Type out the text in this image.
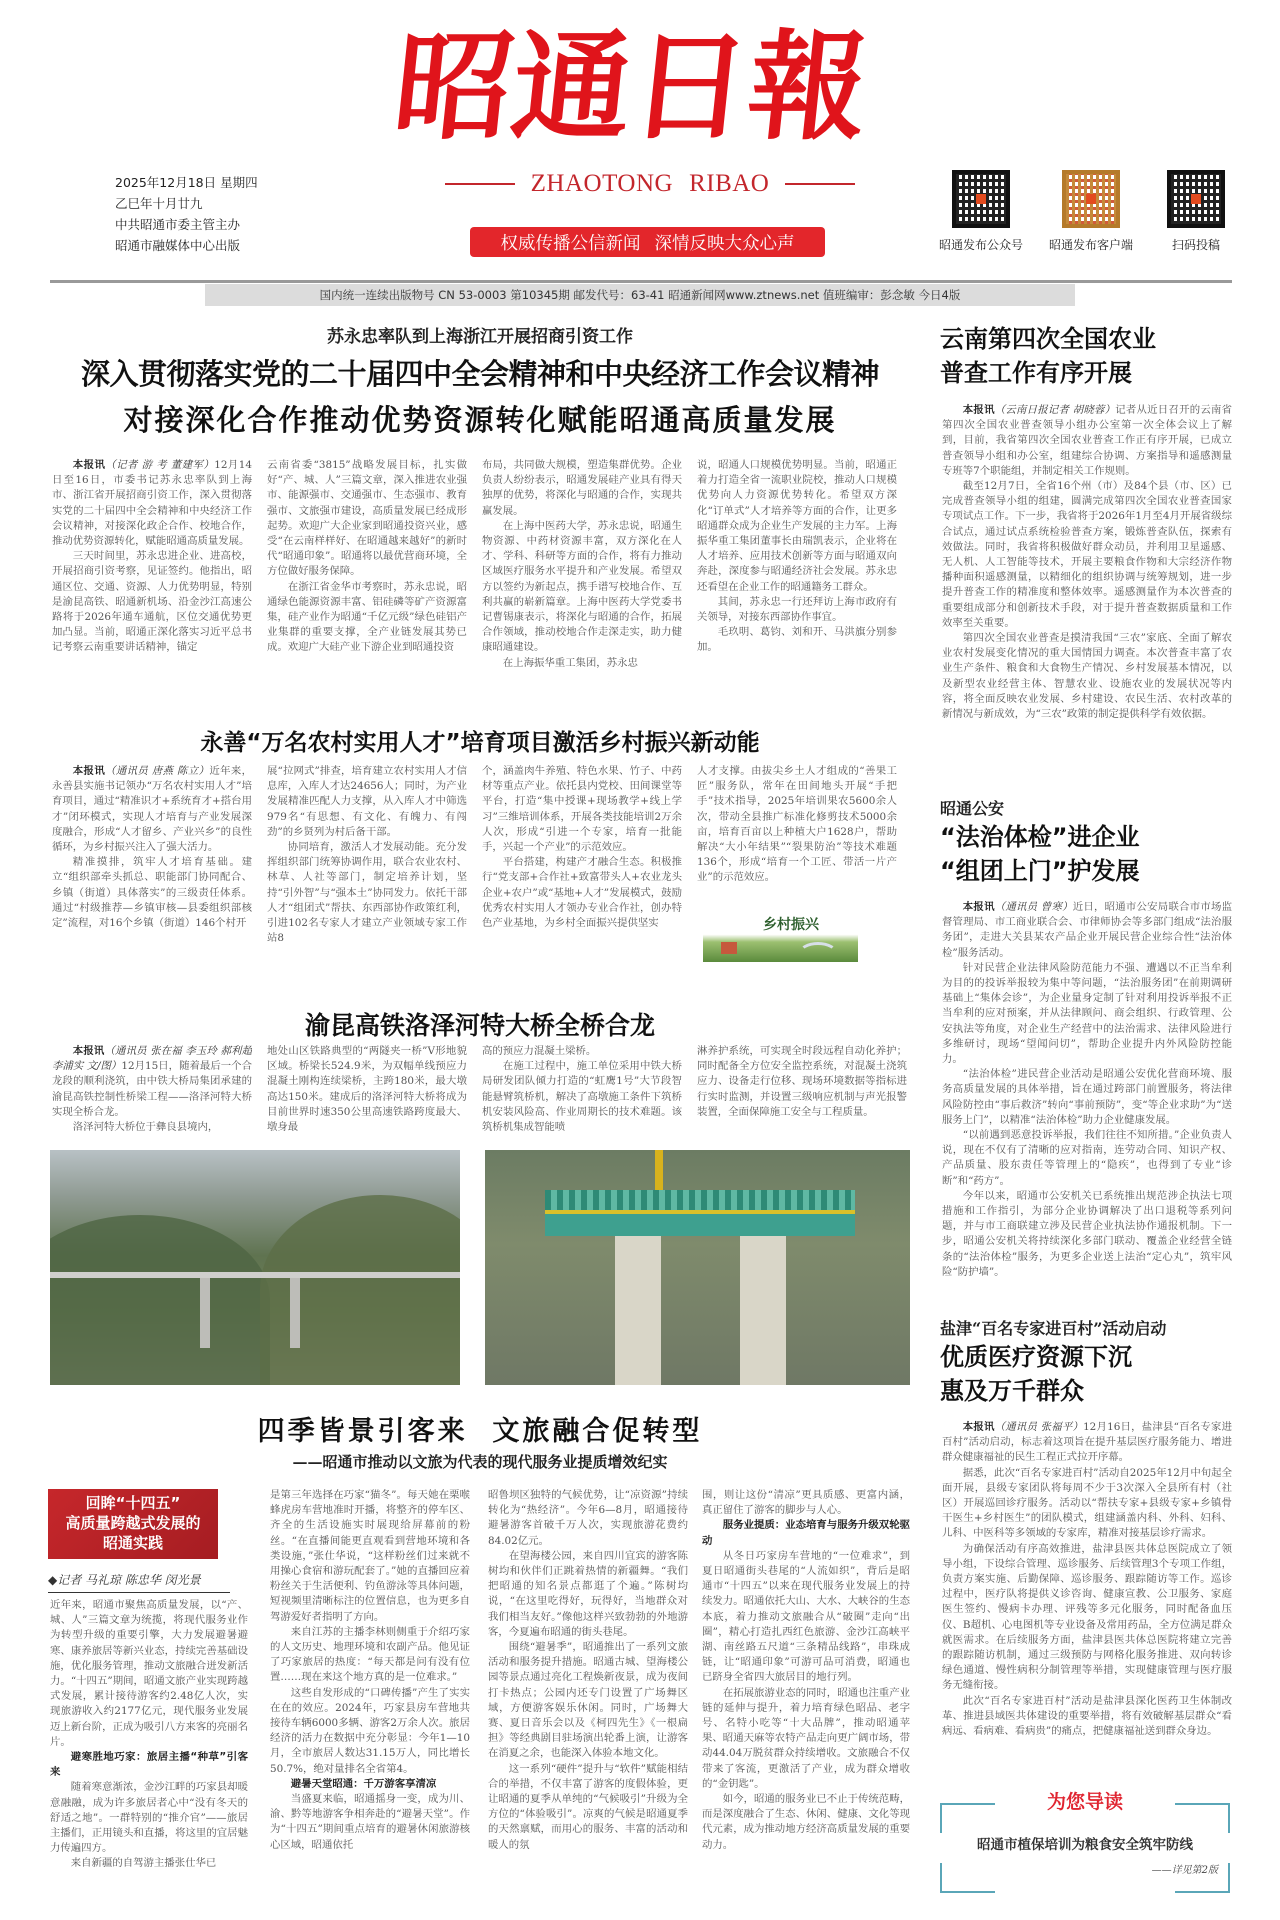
昭通日報
ZHAOTONG RIBAO
权威传播公信新闻 深情反映大众心声
2025年12月18日 星期四
乙巳年十月廿九
中共昭通市委主管主办
昭通市融媒体中心出版	昭通发布公众号	昭通发布客户端	扫码投稿
国内统一连续出版物号 CN 53-0003 第10345期 邮发代号：63-41 昭通新闻网www.ztnews.net 值班编审：彭念敏 今日4版
苏永忠率队到上海浙江开展招商引资工作
深入贯彻落实党的二十届四中全会精神和中央经济工作会议精神
对接深化合作推动优势资源转化赋能昭通高质量发展

本报讯（记者 游 考 董建军）12月14日至16日，市委书记苏永忠率队到上海市、浙江省开展招商引资工作，深入贯彻落实党的二十届四中全会精神和中央经济工作会议精神，对接深化政企合作、校地合作，推动优势资源转化，赋能昭通高质量发展。

三天时间里，苏永忠进企业、进高校，开展招商引资考察，见证签约。他指出，昭通区位、交通、资源、人力优势明显，特别是渝昆高铁、昭通新机场、沿金沙江高速公路将于2026年通车通航，区位交通优势更加凸显。当前，昭通正深化落实习近平总书记考察云南重要讲话精神，锚定

云南省委“3815”战略发展目标，扎实做好“产、城、人”三篇文章，深入推进农业强市、能源强市、交通强市、生态强市、教育强市、文旅强市建设，高质量发展已经成形起势。欢迎广大企业家到昭通投资兴业，感受“在云南样样好、在昭通越来越好”的新时代“昭通印象”。昭通将以最优营商环境，全方位做好服务保障。

在浙江省金华市考察时，苏永忠说，昭通绿色能源资源丰富、铝硅磷等矿产资源富集，硅产业作为昭通“千亿元级”绿色硅铝产业集群的重要支撑，全产业链发展其势已成。欢迎广大硅产业下游企业到昭通投资

布局，共同做大规模，塑造集群优势。企业负责人纷纷表示，昭通发展硅产业具有得天独厚的优势，将深化与昭通的合作，实现共赢发展。

在上海中医药大学，苏永忠说，昭通生物资源、中药材资源丰富，双方深化在人才、学科、科研等方面的合作，将有力推动区域医疗服务水平提升和产业发展。希望双方以签约为新起点，携手谱写校地合作、互利共赢的崭新篇章。上海中医药大学党委书记曹锡康表示，将深化与昭通的合作，拓展合作领域，推动校地合作走深走实，助力健康昭通建设。

在上海振华重工集团，苏永忠

说，昭通人口规模优势明显。当前，昭通正着力打造全省一流职业院校，推动人口规模优势向人力资源优势转化。希望双方深化“订单式”人才培养等方面的合作，让更多昭通群众成为企业生产发展的主力军。上海振华重工集团董事长由瑞凯表示，企业将在人才培养、应用技术创新等方面与昭通双向奔赴，深度参与昭通经济社会发展。苏永忠还看望在企业工作的昭通籍务工群众。

其间，苏永忠一行还拜访上海市政府有关领导，对接东西部协作事宜。

毛玖明、葛钧、刘和开、马洪旗分别参加。

云南第四次全国农业
普查工作有序开展

本报讯（云南日报记者 胡晓蓉）记者从近日召开的云南省第四次全国农业普查领导小组办公室第一次全体会议上了解到，目前，我省第四次全国农业普查工作正有序开展，已成立普查领导小组和办公室，组建综合协调、方案指导和遥感测量专班等7个职能组，并制定相关工作规则。

截至12月7日，全省16个州（市）及84个县（市、区）已完成普查领导小组的组建，圆满完成第四次全国农业普查国家专项试点工作。下一步，我省将于2026年1月至4月开展省级综合试点，通过试点系统检验普查方案，锻炼普查队伍，探索有效做法。同时，我省将积极做好群众动员，并利用卫星遥感、无人机、人工智能等技术，开展主要粮食作物和大宗经济作物播种面积遥感测量，以精细化的组织协调与统筹规划，进一步提升普查工作的精准度和整体效率。遥感测量作为本次普查的重要组成部分和创新技术手段，对于提升普查数据质量和工作效率至关重要。

第四次全国农业普查是摸清我国“三农”家底、全面了解农业农村发展变化情况的重大国情国力调查。本次普查丰富了农业生产条件、粮食和大食物生产情况、乡村发展基本情况，以及新型农业经营主体、智慧农业、设施农业的发展状况等内容，将全面反映农业发展、乡村建设、农民生活、农村改革的新情况与新成效，为“三农”政策的制定提供科学有效依据。

永善“万名农村实用人才”培育项目激活乡村振兴新动能

本报讯（通讯员 唐燕 陈立）近年来，永善县实施书记领办“万名农村实用人才”培育项目，通过“精准识才+系统育才+搭台用才”闭环模式，实现人才培育与产业发展深度融合，形成“人才留乡、产业兴乡”的良性循环，为乡村振兴注入了强大活力。

精准摸排，筑牢人才培育基础。建立“组织部牵头抓总、职能部门协同配合、乡镇（街道）具体落实”的三级责任体系。通过“村级推荐—乡镇审核—县委组织部核定”流程，对16个乡镇（街道）146个村开

展“拉网式”排查，培育建立农村实用人才信息库，入库人才达24656人；同时，为产业发展精准匹配人力支撑，从入库人才中筛选979名“有思想、有文化、有魄力、有闯劲”的乡贤列为村后备干部。

协同培育，激活人才发展动能。充分发挥组织部门统筹协调作用，联合农业农村、林草、人社等部门，制定培养计划，坚持“引外智”与“强本土”协同发力。依托干部人才“组团式”帮扶、东西部协作政策红利，引进102名专家人才建立产业领域专家工作站8

个，涵盖肉牛养殖、特色水果、竹子、中药材等重点产业。依托县内党校、田间课堂等平台，打造“集中授课+现场教学+线上学习”三维培训体系，开展各类技能培训2万余人次，形成“引进一个专家，培育一批能手，兴起一个产业”的示范效应。

平台搭建，构建产才融合生态。积极推行“党支部+合作社+致富带头人+农业龙头企业+农户”或“基地+人才”发展模式，鼓励优秀农村实用人才领办专业合作社，创办特色产业基地，为乡村全面振兴提供坚实

人才支撑。由拔尖乡土人才组成的“善果工匠”服务队，常年在田间地头开展“手把手”技术指导，2025年培训果农5600余人次，带动全县推广标准化修剪技术5000余亩，培育百亩以上种植大户1628户，帮助解决“大小年结果”“裂果防治”等技术难题136个，形成“培育一个工匠、带活一片产业”的示范效应。

乡村振兴
昭通公安
“法治体检”进企业
“组团上门”护发展

本报讯（通讯员 曾寒）近日，昭通市公安局联合市市场监督管理局、市工商业联合会、市律师协会等多部门组成“法治服务团”，走进大关县某农产品企业开展民营企业综合性“法治体检”服务活动。

针对民营企业法律风险防范能力不强、遭遇以不正当牟利为目的的投诉举报较为集中等问题，“法治服务团”在前期调研基础上“集体会诊”，为企业量身定制了针对利用投诉举报不正当牟利的应对预案，并从法律顾问、商会组织、行政管理、公安执法等角度，对企业生产经营中的法治需求、法律风险进行多维研讨，现场“望闻问切”，帮助企业提升内外风险防控能力。

“法治体检”进民营企业活动是昭通公安优化营商环境、服务高质量发展的具体举措，旨在通过跨部门前置服务，将法律风险防控由“事后救济”转向“事前预防”，变“等企业求助”为“送服务上门”，以精准“法治体检”助力企业健康发展。

“以前遇到恶意投诉举报，我们往往不知所措。”企业负责人说，现在不仅有了清晰的应对指南，连劳动合同、知识产权、产品质量、股东责任等管理上的“隐疾”，也得到了专业“诊断”和“药方”。

今年以来，昭通市公安机关已系统推出规范涉企执法七项措施和工作指引，为部分企业协调解决了出口退税等系列问题，并与市工商联建立涉及民营企业执法协作通报机制。下一步，昭通公安机关将持续深化多部门联动、覆盖企业经营全链条的“法治体检”服务，为更多企业送上法治“定心丸”，筑牢风险“防护墙”。

渝昆高铁洛泽河特大桥全桥合龙

本报讯（通讯员 张在福 李玉玲 郝利超 李浦实 文/图）12月15日，随着最后一个合龙段的顺利浇筑，由中铁大桥局集团承建的渝昆高铁控制性桥梁工程——洛泽河特大桥实现全桥合龙。

洛泽河特大桥位于彝良县境内，

地处山区铁路典型的“两隧夹一桥”V形地貌区域。桥梁长524.9米，为双幅单线预应力混凝土刚构连续梁桥，主跨180米，最大墩高达150米。建成后的洛泽河特大桥将成为目前世界时速350公里高速铁路跨度最大、墩身最

高的预应力混凝土梁桥。

在施工过程中，施工单位采用中铁大桥局研发团队倾力打造的“虹鹰1号”大节段智能悬臂筑桥机，解决了高墩施工条件下筑桥机安装风险高、作业周期长的技术难题。该筑桥机集成智能喷

淋养护系统，可实现全时段远程自动化养护；同时配备全方位安全监控系统，对混凝土浇筑应力、设备走行位移、现场环境数据等指标进行实时监测，并设置三级响应机制与声光报警装置，全面保障施工安全与工程质量。

盐津“百名专家进百村”活动启动
优质医疗资源下沉
惠及万千群众

本报讯（通讯员 张福平）12月16日，盐津县“百名专家进百村”活动启动，标志着这项旨在提升基层医疗服务能力、增进群众健康福祉的民生工程正式拉开序幕。

据悉，此次“百名专家进百村”活动自2025年12月中旬起全面开展，县级专家团队将每周不少于3次深入全县所有村（社区）开展巡回诊疗服务。活动以“帮扶专家+县级专家+乡镇骨干医生+乡村医生”的团队模式，组建涵盖内科、外科、妇科、儿科、中医科等多领域的专家库，精准对接基层诊疗需求。

为确保活动有序高效推进，盐津县医共体总医院成立了领导小组，下设综合管理、巡诊服务、后续管理3个专项工作组，负责方案实施、后勤保障、巡诊服务、跟踪随访等工作。巡诊过程中，医疗队将提供义诊咨询、健康宣教、公卫服务、家庭医生签约、慢病卡办理、评残等多元化服务，同时配备血压仪、B超机、心电图机等专业设备及常用药品，全方位满足群众就医需求。在后续服务方面，盐津县医共体总医院将建立完善的跟踪随访机制，通过三级预防与网格化服务推进、双向转诊绿色通道、慢性病积分制管理等举措，实现健康管理与医疗服务无缝衔接。

此次“百名专家进百村”活动是盐津县深化医药卫生体制改革、推进县域医共体建设的重要举措，将有效破解基层群众“看病远、看病难、看病贵”的痛点，把健康福祉送到群众身边。

为您导读
昭通市植保培训为粮食安全筑牢防线
——详见第2版
四季皆景引客来  文旅融合促转型
——昭通市推动以文旅为代表的现代服务业提质增效纪实
回眸“十四五”
高质量跨越式发展的
昭通实践
◆记者 马礼琼 陈忠华 闵光景

近年来，昭通市聚焦高质量发展，以“产、城、人”三篇文章为统揽，将现代服务业作为转型升级的重要引擎，大力发展避暑避寒、康养旅居等新兴业态，持续完善基础设施，优化服务管理，推动文旅融合迸发新活力。“十四五”期间，昭通文旅产业实现跨越式发展，累计接待游客约2.48亿人次，实现旅游收入约2177亿元，现代服务业发展迈上新台阶，正成为吸引八方来客的亮丽名片。

避寒胜地巧家：旅居主播“种草”引客来

随着寒意渐浓，金沙江畔的巧家县却暖意融融，成为许多旅居者心中“没有冬天的舒适之地”。一群特别的“推介官”——旅居主播们，正用镜头和直播，将这里的宜居魅力传遍四方。

来自新疆的自驾游主播张仕华已

是第三年选择在巧家“猫冬”。每天她在栗喉蜂虎房车营地准时开播，将整齐的停车区、齐全的生活设施实时展现给屏幕前的粉丝。“在直播间能更直观看到营地环境和各类设施，”张仕华说，“这样粉丝们过来就不用操心食宿和游玩配套了。”她的直播回应着粉丝关于生活便利、钓鱼游泳等具体问题，短视频里清晰标注的位置信息，也为更多自驾游爱好者指明了方向。

来自江苏的主播李林则侧重于介绍巧家的人文历史、地理环境和农副产品。他见证了巧家旅居的热度：“每天都是问有没有位置……现在来这个地方真的是一位难求。”

这些自发形成的“口碑传播”产生了实实在在的效应。2024年，巧家县房车营地共接待车辆6000多辆、游客2万余人次。旅居经济的活力在数据中充分彰显：今年1—10月，全市旅居人数达31.15万人，同比增长50.7%，绝对量排名全省第4。

避暑天堂昭通：千万游客享清凉

当盛夏来临，昭通摇身一变，成为川、渝、黔等地游客争相奔赴的“避暑天堂”。作为“十四五”期间重点培育的避暑休闲旅游核心区域，昭通依托

昭鲁坝区独特的气候优势，让“凉资源”持续转化为“热经济”。今年6—8月，昭通接待避暑游客首破千万人次，实现旅游花费约84.02亿元。

在望海楼公园，来自四川宜宾的游客陈树均和伙伴们正跳着热情的新疆舞。“我们把昭通的知名景点都逛了个遍。”陈树均说，“在这里吃得好，玩得好，当地群众对我们相当友好。”像他这样兴致勃勃的外地游客，今夏遍布昭通的街头巷尾。

围绕“避暑季”，昭通推出了一系列文旅活动和服务提升措施。昭通古城、望海楼公园等景点通过亮化工程焕新夜景，成为夜间打卡热点；公园内还专门设置了广场舞区域，方便游客娱乐休闲。同时，广场舞大赛、夏日音乐会以及《柯四先生》《一根扁担》等经典剧目驻场演出轮番上演，让游客在消夏之余，也能深入体验本地文化。

这一系列“硬件”提升与“软件”赋能相结合的举措，不仅丰富了游客的度假体验，更让昭通的夏季从单纯的“气候吸引”升级为全方位的“体验吸引”。凉爽的气候是昭通夏季的天然禀赋，而用心的服务、丰富的活动和暖人的氛

围，则让这份“清凉”更具质感、更富内涵，真正留住了游客的脚步与人心。

服务业提质：业态培育与服务升级双轮驱动

从冬日巧家房车营地的“一位难求”，到夏日昭通街头巷尾的“人流如织”，背后是昭通市“十四五”以来在现代服务业发展上的持续发力。昭通依托大山、大水、大峡谷的生态本底，着力推动文旅融合从“破圈”走向“出圈”，精心打造扎西红色旅游、金沙江高峡平湖、南丝路五尺道“三条精品线路”，串珠成链，让“昭通印象”可游可品可消费，昭通也已跻身全省四大旅居目的地行列。

在拓展旅游业态的同时，昭通也注重产业链的延伸与提升，着力培育绿色昭品、老字号、名特小吃等“十大品牌”，推动昭通苹果、昭通天麻等农特产品走向更广阔市场，带动44.04万脱贫群众持续增收。文旅融合不仅带来了客流，更激活了产业，成为群众增收的“金钥匙”。

如今，昭通的服务业已不止于传统范畴，而是深度融合了生态、休闲、健康、文化等现代元素，成为推动地方经济高质量发展的重要动力。
